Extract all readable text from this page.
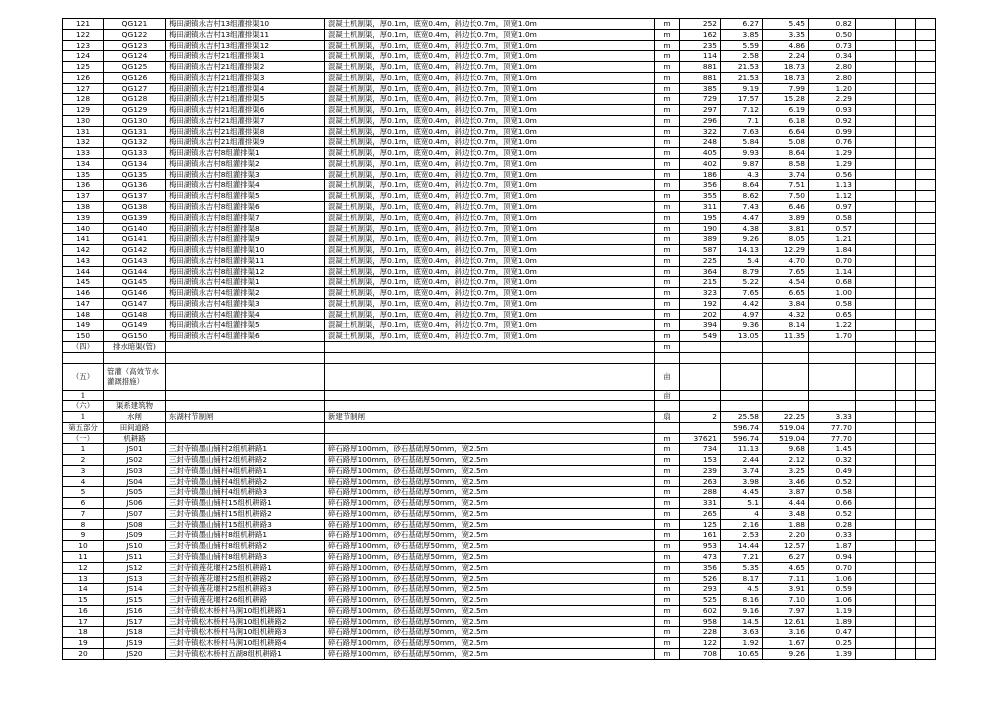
121	QG121	梅田湖镇永吉村13组灌排渠10	混凝土机制渠，厚0.1m，底宽0.4m，斜边长0.7m，顶宽1.0m	m	252	6.27	5.45	0.82			
122	QG122	梅田湖镇永吉村13组灌排渠11	混凝土机制渠，厚0.1m，底宽0.4m，斜边长0.7m，顶宽1.0m	m	162	3.85	3.35	0.50			
123	QG123	梅田湖镇永吉村13组灌排渠12	混凝土机制渠，厚0.1m，底宽0.4m，斜边长0.7m，顶宽1.0m	m	235	5.59	4.86	0.73			
124	QG124	梅田湖镇永吉村21组灌排渠1	混凝土机制渠，厚0.1m，底宽0.4m，斜边长0.7m，顶宽1.0m	m	114	2.58	2.24	0.34			
125	QG125	梅田湖镇永吉村21组灌排渠2	混凝土机制渠，厚0.1m，底宽0.4m，斜边长0.7m，顶宽1.0m	m	881	21.53	18.73	2.80			
126	QG126	梅田湖镇永吉村21组灌排渠3	混凝土机制渠，厚0.1m，底宽0.4m，斜边长0.7m，顶宽1.0m	m	881	21.53	18.73	2.80			
127	QG127	梅田湖镇永吉村21组灌排渠4	混凝土机制渠，厚0.1m，底宽0.4m，斜边长0.7m，顶宽1.0m	m	385	9.19	7.99	1.20			
128	QG128	梅田湖镇永吉村21组灌排渠5	混凝土机制渠，厚0.1m，底宽0.4m，斜边长0.7m，顶宽1.0m	m	729	17.57	15.28	2.29			
129	QG129	梅田湖镇永吉村21组灌排渠6	混凝土机制渠，厚0.1m，底宽0.4m，斜边长0.7m，顶宽1.0m	m	297	7.12	6.19	0.93			
130	QG130	梅田湖镇永吉村21组灌排渠7	混凝土机制渠，厚0.1m，底宽0.4m，斜边长0.7m，顶宽1.0m	m	296	7.1	6.18	0.92			
131	QG131	梅田湖镇永吉村21组灌排渠8	混凝土机制渠，厚0.1m，底宽0.4m，斜边长0.7m，顶宽1.0m	m	322	7.63	6.64	0.99			
132	QG132	梅田湖镇永吉村21组灌排渠9	混凝土机制渠，厚0.1m，底宽0.4m，斜边长0.7m，顶宽1.0m	m	248	5.84	5.08	0.76			
133	QG133	梅田湖镇永吉村8组灌排渠1	混凝土机制渠，厚0.1m，底宽0.4m，斜边长0.7m，顶宽1.0m	m	405	9.93	8.64	1.29			
134	QG134	梅田湖镇永吉村8组灌排渠2	混凝土机制渠，厚0.1m，底宽0.4m，斜边长0.7m，顶宽1.0m	m	402	9.87	8.58	1.29			
135	QG135	梅田湖镇永吉村8组灌排渠3	混凝土机制渠，厚0.1m，底宽0.4m，斜边长0.7m，顶宽1.0m	m	186	4.3	3.74	0.56			
136	QG136	梅田湖镇永吉村8组灌排渠4	混凝土机制渠，厚0.1m，底宽0.4m，斜边长0.7m，顶宽1.0m	m	356	8.64	7.51	1.13			
137	QG137	梅田湖镇永吉村8组灌排渠5	混凝土机制渠，厚0.1m，底宽0.4m，斜边长0.7m，顶宽1.0m	m	355	8.62	7.50	1.12			
138	QG138	梅田湖镇永吉村8组灌排渠6	混凝土机制渠，厚0.1m，底宽0.4m，斜边长0.7m，顶宽1.0m	m	311	7.43	6.46	0.97			
139	QG139	梅田湖镇永吉村8组灌排渠7	混凝土机制渠，厚0.1m，底宽0.4m，斜边长0.7m，顶宽1.0m	m	195	4.47	3.89	0.58			
140	QG140	梅田湖镇永吉村8组灌排渠8	混凝土机制渠，厚0.1m，底宽0.4m，斜边长0.7m，顶宽1.0m	m	190	4.38	3.81	0.57			
141	QG141	梅田湖镇永吉村8组灌排渠9	混凝土机制渠，厚0.1m，底宽0.4m，斜边长0.7m，顶宽1.0m	m	389	9.26	8.05	1.21			
142	QG142	梅田湖镇永吉村8组灌排渠10	混凝土机制渠，厚0.1m，底宽0.4m，斜边长0.7m，顶宽1.0m	m	587	14.13	12.29	1.84			
143	QG143	梅田湖镇永吉村8组灌排渠11	混凝土机制渠，厚0.1m，底宽0.4m，斜边长0.7m，顶宽1.0m	m	225	5.4	4.70	0.70			
144	QG144	梅田湖镇永吉村8组灌排渠12	混凝土机制渠，厚0.1m，底宽0.4m，斜边长0.7m，顶宽1.0m	m	364	8.79	7.65	1.14			
145	QG145	梅田湖镇永吉村4组灌排渠1	混凝土机制渠，厚0.1m，底宽0.4m，斜边长0.7m，顶宽1.0m	m	215	5.22	4.54	0.68			
146	QG146	梅田湖镇永吉村4组灌排渠2	混凝土机制渠，厚0.1m，底宽0.4m，斜边长0.7m，顶宽1.0m	m	323	7.65	6.65	1.00			
147	QG147	梅田湖镇永吉村4组灌排渠3	混凝土机制渠，厚0.1m，底宽0.4m，斜边长0.7m，顶宽1.0m	m	192	4.42	3.84	0.58			
148	QG148	梅田湖镇永吉村4组灌排渠4	混凝土机制渠，厚0.1m，底宽0.4m，斜边长0.7m，顶宽1.0m	m	202	4.97	4.32	0.65			
149	QG149	梅田湖镇永吉村4组灌排渠5	混凝土机制渠，厚0.1m，底宽0.4m，斜边长0.7m，顶宽1.0m	m	394	9.36	8.14	1.22			
150	QG150	梅田湖镇永吉村4组灌排渠6	混凝土机制渠，厚0.1m，底宽0.4m，斜边长0.7m，顶宽1.0m	m	549	13.05	11.35	1.70			
（四）	排水暗渠(管)			m							

（五）	管灌（高效节水灌溉措施）			亩							
1				亩							
（六）	渠系建筑物										
1	水闸	东湖村节制闸	新建节制闸	扇	2	25.58	22.25	3.33			
第五部分	田间道路					596.74	519.04	77.70			
（一）	机耕路			m	37621	596.74	519.04	77.70			
1	JS01	三封寺镇墨山铺村2组机耕路1	碎石路厚100mm，砂石基础厚50mm，宽2.5m	m	734	11.13	9.68	1.45			
2	JS02	三封寺镇墨山铺村2组机耕路2	碎石路厚100mm，砂石基础厚50mm，宽2.5m	m	153	2.44	2.12	0.32			
3	JS03	三封寺镇墨山铺村4组机耕路1	碎石路厚100mm，砂石基础厚50mm，宽2.5m	m	239	3.74	3.25	0.49			
4	JS04	三封寺镇墨山铺村4组机耕路2	碎石路厚100mm，砂石基础厚50mm，宽2.5m	m	263	3.98	3.46	0.52			
5	JS05	三封寺镇墨山铺村4组机耕路3	碎石路厚100mm，砂石基础厚50mm，宽2.5m	m	288	4.45	3.87	0.58			
6	JS06	三封寺镇墨山铺村15组机耕路1	碎石路厚100mm，砂石基础厚50mm，宽2.5m	m	331	5.1	4.44	0.66			
7	JS07	三封寺镇墨山铺村15组机耕路2	碎石路厚100mm，砂石基础厚50mm，宽2.5m	m	265	4	3.48	0.52			
8	JS08	三封寺镇墨山铺村15组机耕路3	碎石路厚100mm，砂石基础厚50mm，宽2.5m	m	125	2.16	1.88	0.28			
9	JS09	三封寺镇墨山铺村8组机耕路1	碎石路厚100mm，砂石基础厚50mm，宽2.5m	m	161	2.53	2.20	0.33			
10	JS10	三封寺镇墨山铺村8组机耕路2	碎石路厚100mm，砂石基础厚50mm，宽2.5m	m	953	14.44	12.57	1.87			
11	JS11	三封寺镇墨山铺村8组机耕路3	碎石路厚100mm，砂石基础厚50mm，宽2.5m	m	473	7.21	6.27	0.94			
12	JS12	三封寺镇莲花堰村25组机耕路1	碎石路厚100mm，砂石基础厚50mm，宽2.5m	m	356	5.35	4.65	0.70			
13	JS13	三封寺镇莲花堰村25组机耕路2	碎石路厚100mm，砂石基础厚50mm，宽2.5m	m	526	8.17	7.11	1.06			
14	JS14	三封寺镇莲花堰村25组机耕路3	碎石路厚100mm，砂石基础厚50mm，宽2.5m	m	293	4.5	3.91	0.59			
15	JS15	三封寺镇莲花堰村26组机耕路	碎石路厚100mm，砂石基础厚50mm，宽2.5m	m	525	8.16	7.10	1.06			
16	JS16	三封寺镇松木桥村马涧10组机耕路1	碎石路厚100mm，砂石基础厚50mm，宽2.5m	m	602	9.16	7.97	1.19			
17	JS17	三封寺镇松木桥村马涧10组机耕路2	碎石路厚100mm，砂石基础厚50mm，宽2.5m	m	958	14.5	12.61	1.89			
18	JS18	三封寺镇松木桥村马涧10组机耕路3	碎石路厚100mm，砂石基础厚50mm，宽2.5m	m	228	3.63	3.16	0.47			
19	JS19	三封寺镇松木桥村马涧10组机耕路4	碎石路厚100mm，砂石基础厚50mm，宽2.5m	m	122	1.92	1.67	0.25			
20	JS20	三封寺镇松木桥村五湖8组机耕路1	碎石路厚100mm，砂石基础厚50mm，宽2.5m	m	708	10.65	9.26	1.39			
